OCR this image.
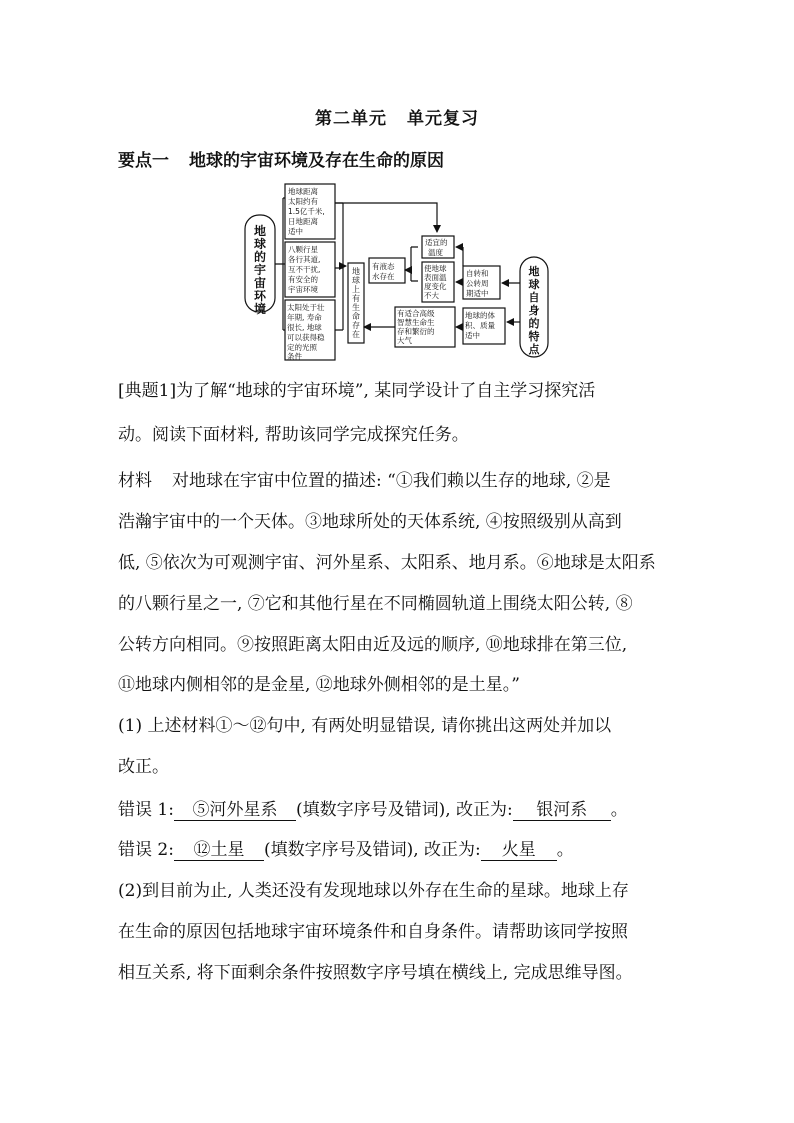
第二单元 单元复习
要点一 地球的宇宙环境及存在生命的原因
地
球
的
宇
宙
环
境
地球距离
太阳约有
1.5亿千米,
日地距离
适中
八颗行星
各行其道,
互不干扰,
有安全的
宇宙环境
太阳处于壮
年期, 寿命
很长, 地球
可以获得稳
定的光照
条件
地
球
上
有
生
命
存
在
有液态
水存在
适宜的
温度
使地球
表面温
度变化
不大
有适合高级
智慧生命生
存和繁衍的
大气
自转和
公转周
期适中
地球的体
积、质量
适中
地
球
自
身
的
特
点
[典题1]为了解“地球的宇宙环境”, 某同学设计了自主学习探究活
动。阅读下面材料, 帮助该同学完成探究任务。
材料 对地球在宇宙中位置的描述: “①我们赖以生存的地球, ②是
浩瀚宇宙中的一个天体。③地球所处的天体系统, ④按照级别从高到
低, ⑤依次为可观测宇宙、河外星系、太阳系、地月系。⑥地球是太阳系
的八颗行星之一, ⑦它和其他行星在不同椭圆轨道上围绕太阳公转, ⑧
公转方向相同。⑨按照距离太阳由近及远的顺序, ⑩地球排在第三位,
⑪地球内侧相邻的是金星, ⑫地球外侧相邻的是土星。”
(1) 上述材料①～⑫句中, 有两处明显错误, 请你挑出这两处并加以
改正。
错误 1: ⑤河外星系 (填数字序号及错词), 改正为: 银河系 。
错误 2: ⑫土星 (填数字序号及错词), 改正为: 火星 。
(2)到目前为止, 人类还没有发现地球以外存在生命的星球。地球上存
在生命的原因包括地球宇宙环境条件和自身条件。请帮助该同学按照
相互关系, 将下面剩余条件按照数字序号填在横线上, 完成思维导图。
